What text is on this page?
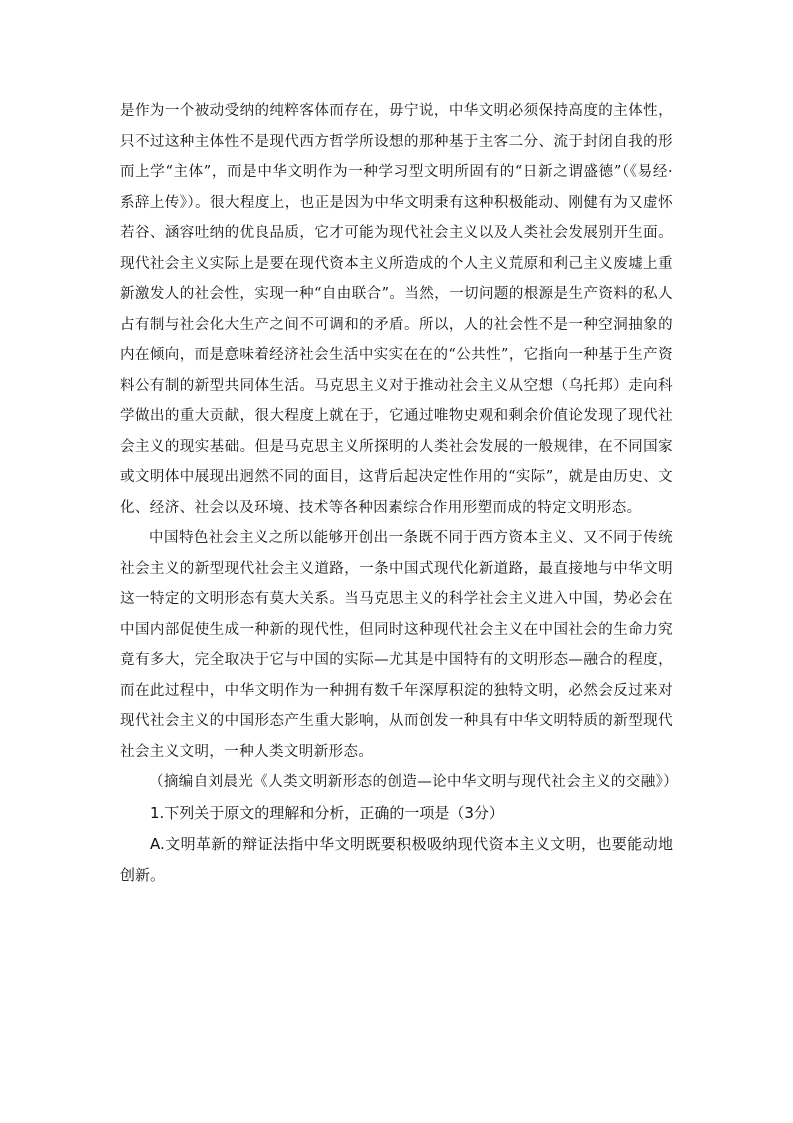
是作为一个被动受纳的纯粹客体而存在，毋宁说，中华文明必须保持高度的主体性，只不过这种主体性不是现代西方哲学所设想的那种基于主客二分、流于封闭自我的形而上学“主体”，而是中华文明作为一种学习型文明所固有的“日新之谓盛德”（《易经·系辞上传》）。很大程度上，也正是因为中华文明秉有这种积极能动、刚健有为又虚怀若谷、涵容吐纳的优良品质，它才可能为现代社会主义以及人类社会发展别开生面。现代社会主义实际上是要在现代资本主义所造成的个人主义荒原和利己主义废墟上重新激发人的社会性，实现一种“自由联合”。当然，一切问题的根源是生产资料的私人占有制与社会化大生产之间不可调和的矛盾。所以，人的社会性不是一种空洞抽象的内在倾向，而是意味着经济社会生活中实实在在的“公共性”，它指向一种基于生产资料公有制的新型共同体生活。马克思主义对于推动社会主义从空想（乌托邦）走向科学做出的重大贡献，很大程度上就在于，它通过唯物史观和剩余价值论发现了现代社会主义的现实基础。但是马克思主义所探明的人类社会发展的一般规律，在不同国家或文明体中展现出迥然不同的面目，这背后起决定性作用的“实际”，就是由历史、文化、经济、社会以及环境、技术等各种因素综合作用形塑而成的特定文明形态。

中国特色社会主义之所以能够开创出一条既不同于西方资本主义、又不同于传统社会主义的新型现代社会主义道路，一条中国式现代化新道路，最直接地与中华文明这一特定的文明形态有莫大关系。当马克思主义的科学社会主义进入中国，势必会在中国内部促使生成一种新的现代性，但同时这种现代社会主义在中国社会的生命力究竟有多大，完全取决于它与中国的实际—尤其是中国特有的文明形态—融合的程度，而在此过程中，中华文明作为一种拥有数千年深厚积淀的独特文明，必然会反过来对现代社会主义的中国形态产生重大影响，从而创发一种具有中华文明特质的新型现代社会主义文明，一种人类文明新形态。

（摘编自刘晨光《人类文明新形态的创造—论中华文明与现代社会主义的交融》）

1.下列关于原文的理解和分析，正确的一项是（3分）

A.文明革新的辩证法指中华文明既要积极吸纳现代资本主义文明，也要能动地创新。
